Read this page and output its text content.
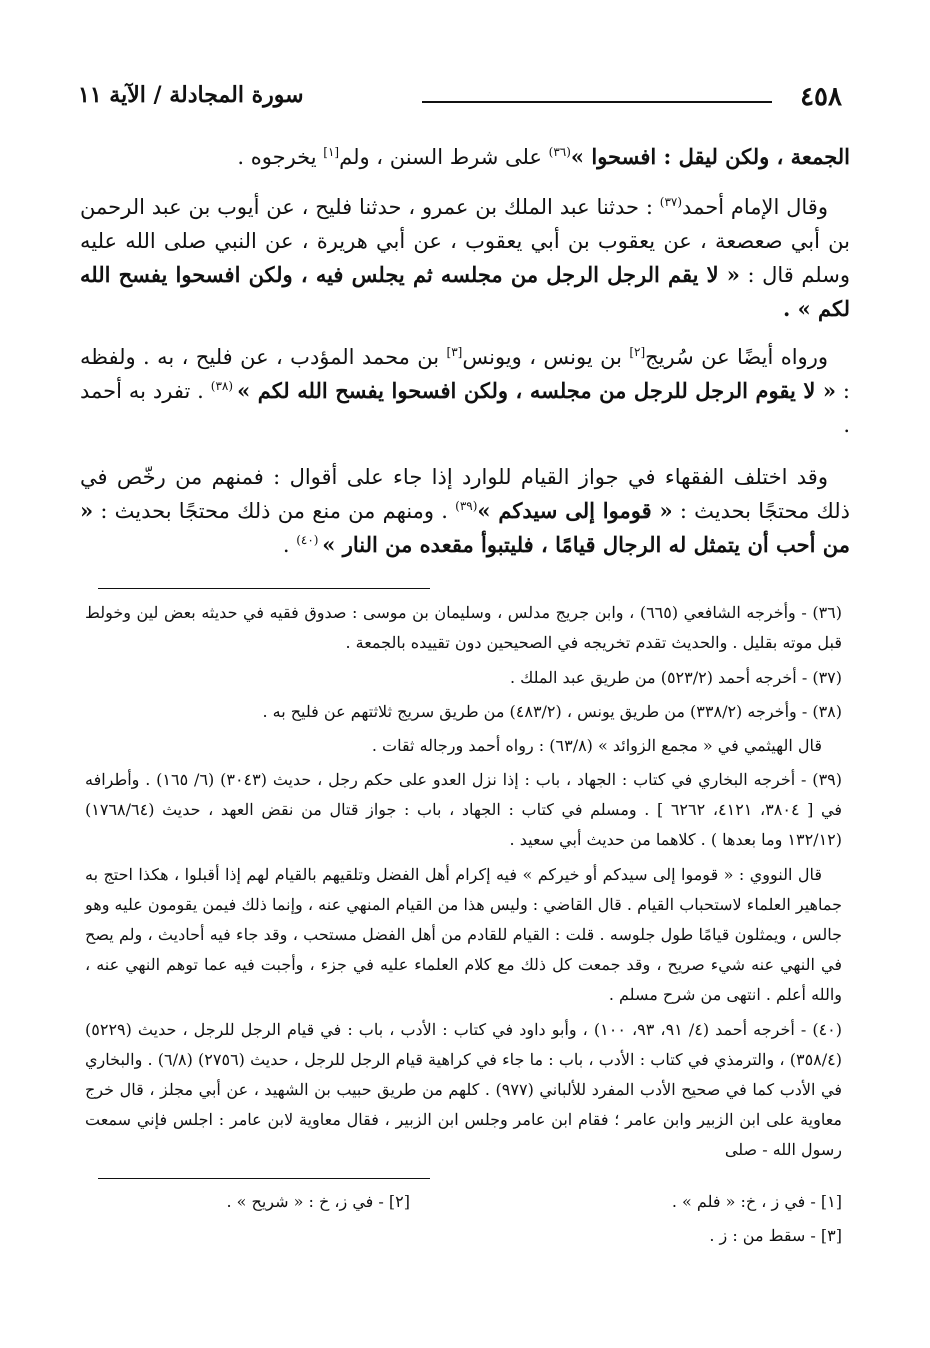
٤٥٨
سورة المجادلة / الآية ١١
الجمعة ، ولكن ليقل : افسحوا »$^{(٣٦)}$ على شرط السنن ، ولم[١] يخرجوه .
وقال الإمام أحمد$^{(٣٧)}$ : حدثنا عبد الملك بن عمرو ، حدثنا فليح ، عن أيوب بن عبد الرحمن بن أبي صعصعة ، عن يعقوب بن أبي يعقوب ، عن أبي هريرة ، عن النبي صلى الله عليه وسلم قال : « لا يقم الرجل الرجل من مجلسه ثم يجلس فيه ، ولكن افسحوا يفسح الله لكم » .
ورواه أيضًا عن سُريج[٢] بن يونس ، ويونس[٣] بن محمد المؤدب ، عن فليح ، به . ولفظه : « لا يقوم الرجل للرجل من مجلسه ، ولكن افسحوا يفسح الله لكم » $^{(٣٨)}$ . تفرد به أحمد .
وقد اختلف الفقهاء في جواز القيام للوارد إذا جاء على أقوال : فمنهم من رخّص في ذلك محتجًا بحديث : « قوموا إلى سيدكم »$^{(٣٩)}$ . ومنهم من منع من ذلك محتجًا بحديث : « من أحب أن يتمثل له الرجال قيامًا ، فليتبوأ مقعده من النار » $^{(٤٠)}$ .
(٣٦) - وأخرجه الشافعي (٦٦٥) ، وابن جريج مدلس ، وسليمان بن موسى : صدوق فقيه في حديثه بعض لين وخولط قبل موته بقليل . والحديث تقدم تخريجه في الصحيحين دون تقييده بالجمعة .
(٣٧) - أخرجه أحمد (٥٢٣/٢) من طريق عبد الملك .
(٣٨) - وأخرجه (٣٣٨/٢) من طريق يونس ، (٤٨٣/٢) من طريق سريج ثلاثتهم عن فليح به .
قال الهيثمي في « مجمع الزوائد » (٦٣/٨) : رواه أحمد ورجاله ثقات .
(٣٩) - أخرجه البخاري في كتاب : الجهاد ، باب : إذا نزل العدو على حكم رجل ، حديث (٣٠٤٣) (٦/ ١٦٥) . وأطرافه في [ ٣٨٠٤، ٤١٢١، ٦٢٦٢ ] . ومسلم في كتاب : الجهاد ، باب : جواز قتال من نقض العهد ، حديث (١٧٦٨/٦٤) (١٣٢/١٢ وما بعدها ) . كلاهما من حديث أبي سعيد .
قال النووي : « قوموا إلى سيدكم أو خيركم » فيه إكرام أهل الفضل وتلقيهم بالقيام لهم إذا أقبلوا ، هكذا احتج به جماهير العلماء لاستحباب القيام . قال القاضي : وليس هذا من القيام المنهي عنه ، وإنما ذلك فيمن يقومون عليه وهو جالس ، ويمثلون قيامًا طول جلوسه . قلت : القيام للقادم من أهل الفضل مستحب ، وقد جاء فيه أحاديث ، ولم يصح في النهي عنه شيء صريح ، وقد جمعت كل ذلك مع كلام العلماء عليه في جزء ، وأجبت فيه عما توهم النهي عنه ، والله أعلم . انتهى من شرح مسلم .
(٤٠) - أخرجه أحمد (٤/ ٩١، ٩٣، ١٠٠) ، وأبو داود في كتاب : الأدب ، باب : في قيام الرجل للرجل ، حديث (٥٢٢٩) (٣٥٨/٤) ، والترمذي في كتاب : الأدب ، باب : ما جاء في كراهية قيام الرجل للرجل ، حديث (٢٧٥٦) (٦/٨) . والبخاري في الأدب كما في صحيح الأدب المفرد للألباني (٩٧٧) . كلهم من طريق حبيب بن الشهيد ، عن أبي مجلز ، قال خرج معاوية على ابن الزبير وابن عامر ؛ فقام ابن عامر وجلس ابن الزبير ، فقال معاوية لابن عامر : اجلس فإني سمعت رسول الله - صلى
[١] - في ز ، خ: « فلم » .
[٢] - في ز، خ : « شريح » .
[٣] - سقط من : ز .
